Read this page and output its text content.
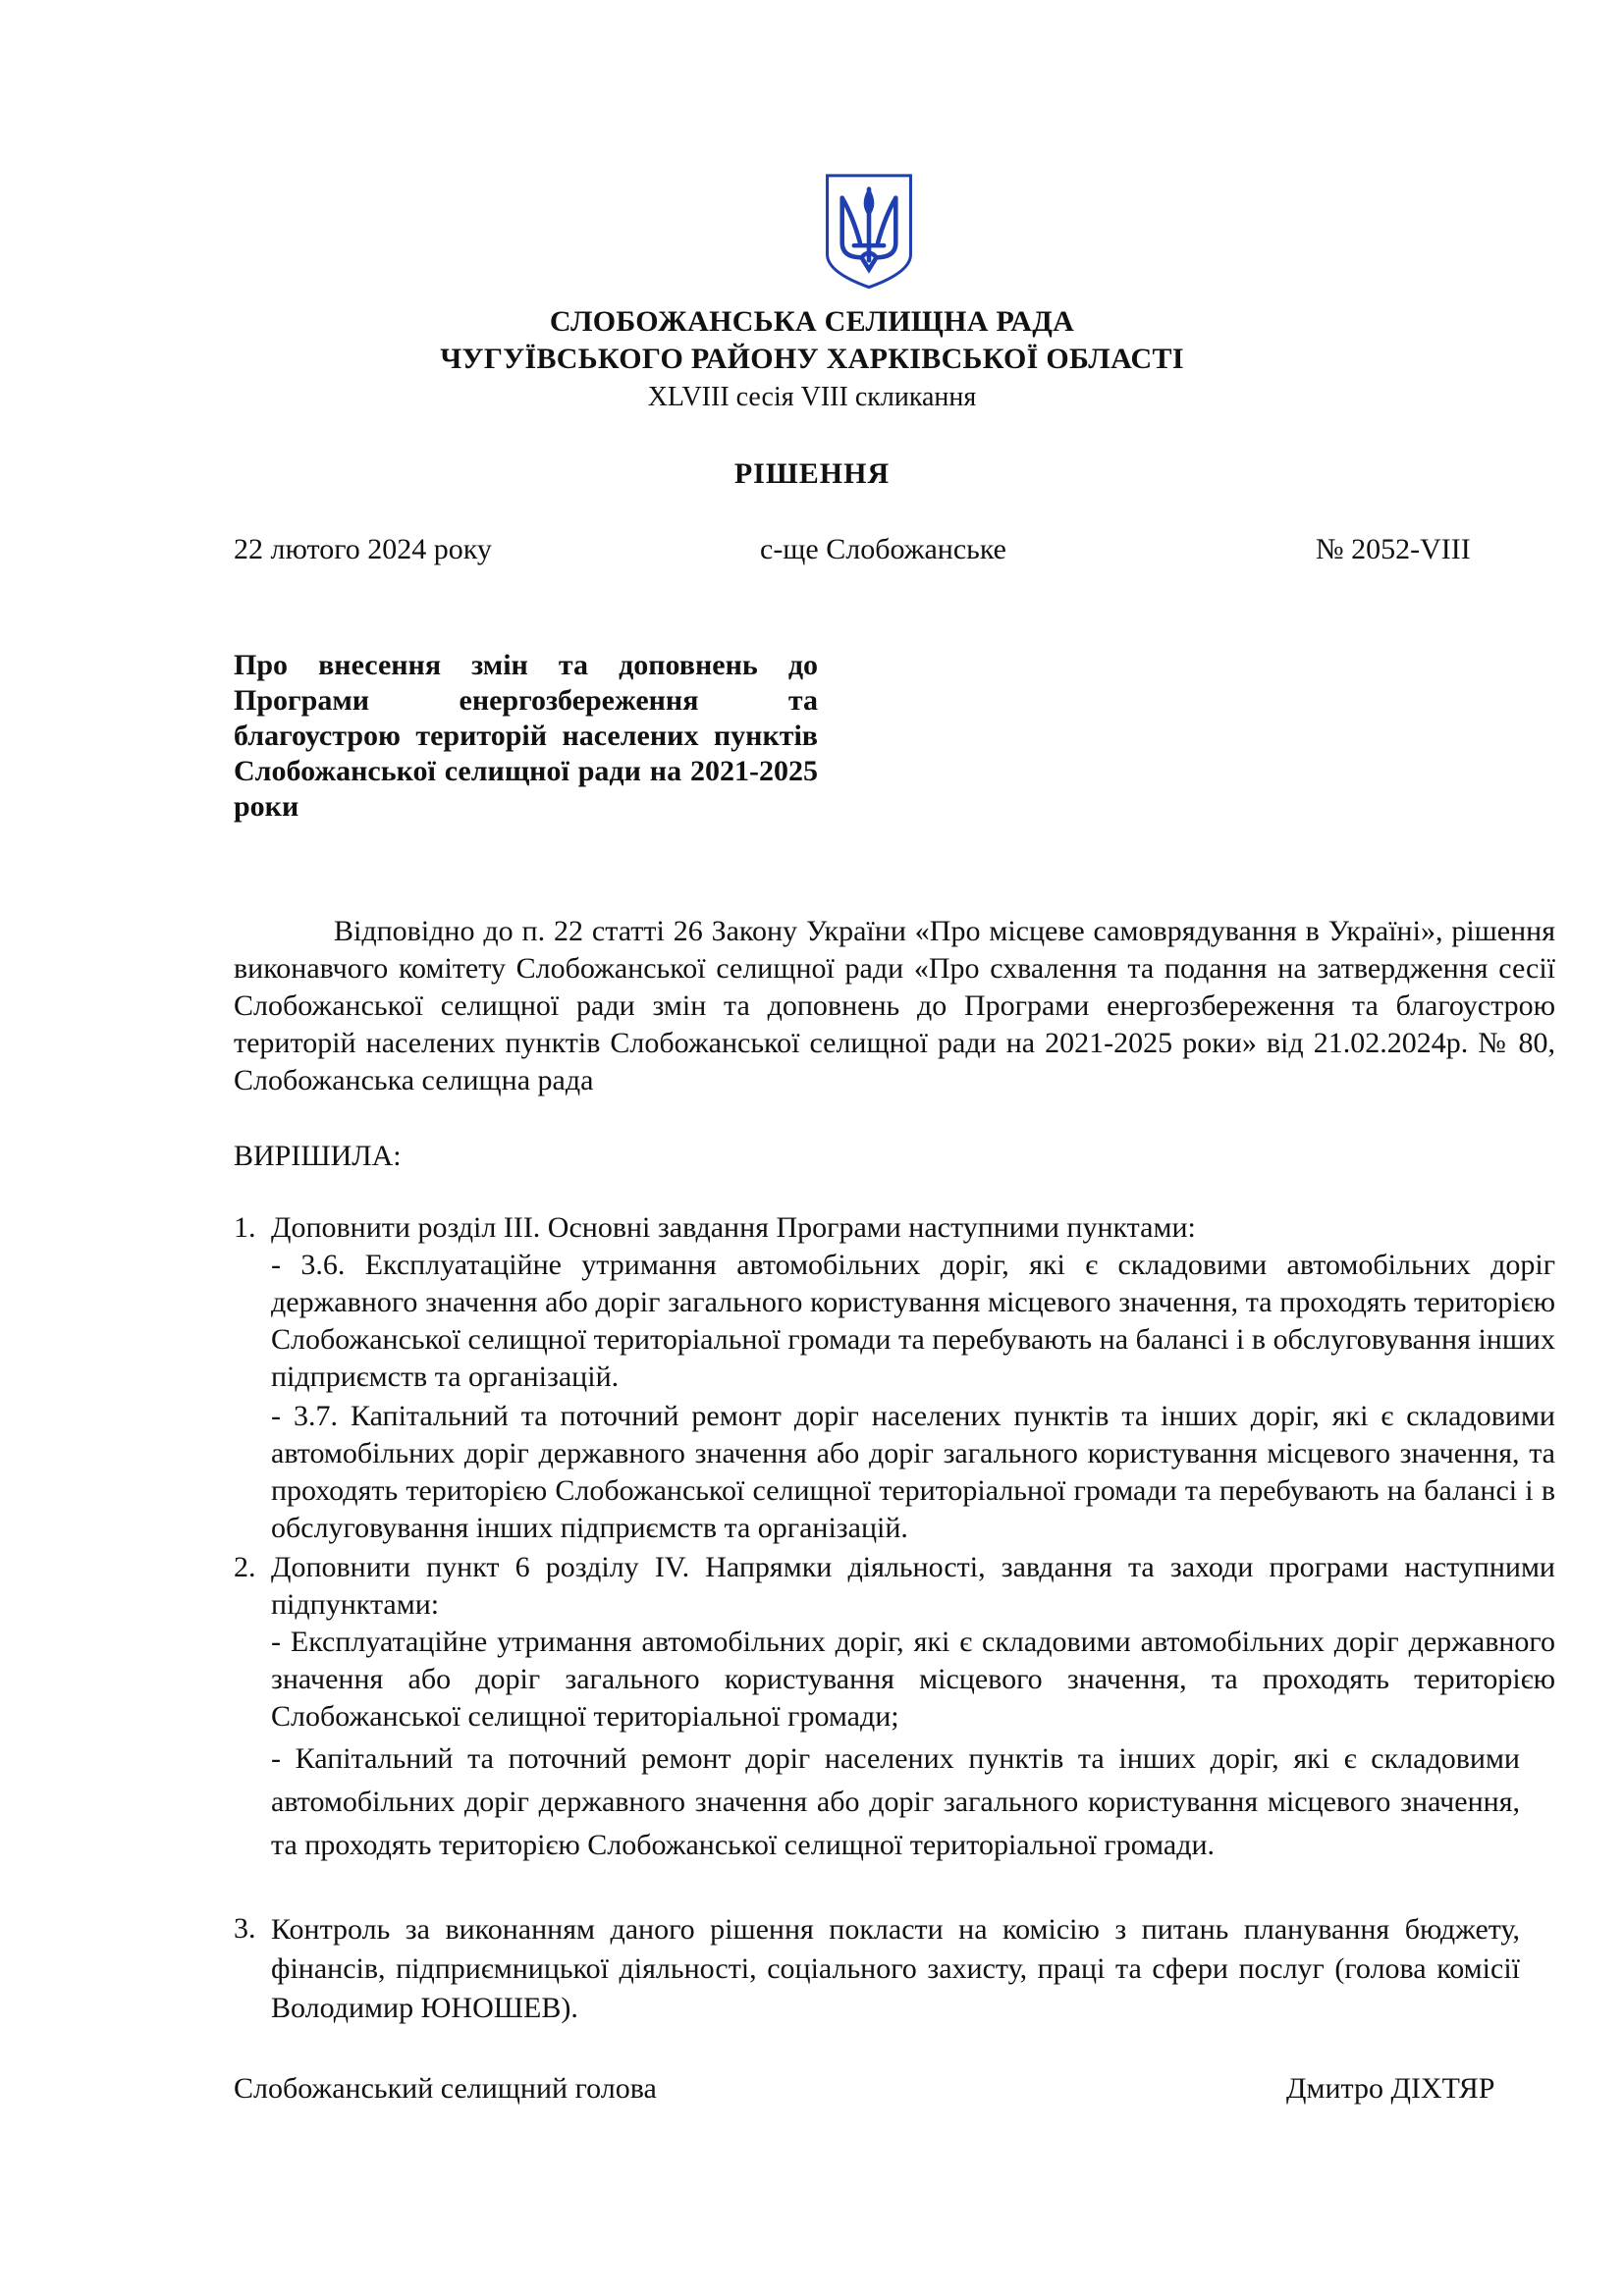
СЛОБОЖАНСЬКА СЕЛИЩНА РАДА
ЧУГУЇВСЬКОГО РАЙОНУ ХАРКІВСЬКОЇ ОБЛАСТІ
XLVIII сесія VIII скликання
РІШЕННЯ
22 лютого 2024 року	с-ще Слобожанське	№ 2052-VIII
Про внесення змін та доповнень до Програми енергозбереження та благоустрою територій населених пунктів Слобожанської селищної ради на 2021-2025 роки
Відповідно до п. 22 статті 26 Закону України «Про місцеве самоврядування в Україні», рішення виконавчого комітету Слобожанської селищної ради «Про схвалення та подання на затвердження сесії Слобожанської селищної ради змін та доповнень до Програми енергозбереження та благоустрою територій населених пунктів Слобожанської селищної ради на 2021-2025 роки» від 21.02.2024р. № 80, Слобожанська селищна рада
ВИРІШИЛА:
1. Доповнити розділ ІІІ. Основні завдання Програми наступними пунктами:
- 3.6. Експлуатаційне утримання автомобільних доріг, які є складовими автомобільних доріг державного значення або доріг загального користування місцевого значення, та проходять територією Слобожанської селищної територіальної громади та перебувають на балансі і в обслуговування інших підприємств та організацій.
- 3.7. Капітальний та поточний ремонт доріг населених пунктів та інших доріг, які є складовими автомобільних доріг державного значення або доріг загального користування місцевого значення, та проходять територією Слобожанської селищної територіальної громади та перебувають на балансі і в обслуговування інших підприємств та організацій.
2. Доповнити пункт 6 розділу IV. Напрямки діяльності, завдання та заходи програми наступними підпунктами:
- Експлуатаційне утримання автомобільних доріг, які є складовими автомобільних доріг державного значення або доріг загального користування місцевого значення, та проходять територією Слобожанської селищної територіальної громади;
- Капітальний та поточний ремонт доріг населених пунктів та інших доріг, які є складовими автомобільних доріг державного значення або доріг загального користування місцевого значення, та проходять територією Слобожанської селищної територіальної громади.
3. Контроль за виконанням даного рішення покласти на комісію з питань планування бюджету, фінансів, підприємницької діяльності, соціального захисту, праці та сфери послуг (голова комісії Володимир ЮНОШЕВ).
Слобожанський селищний голова	Дмитро ДІХТЯР
